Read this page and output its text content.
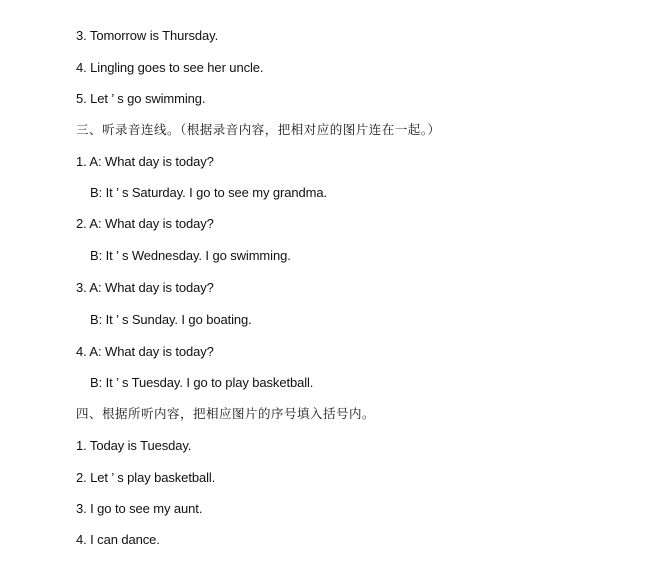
3. Tomorrow is Thursday.
4. Lingling goes to see her uncle.
5. Let ’ s go swimming.
三、听录音连线。（根据录音内容，把相对应的图片连在一起。）
1. A: What day is today?
B: It ’ s Saturday. I go to see my grandma.
2. A: What day is today?
B: It ’ s Wednesday. I go swimming.
3. A: What day is today?
B: It ’ s Sunday. I go boating.
4. A: What day is today?
B: It ’ s Tuesday. I go to play basketball.
四、根据所听内容，把相应图片的序号填入括号内。
1. Today is Tuesday.
2. Let ’ s play basketball.
3. I go to see my aunt.
4. I can dance.
